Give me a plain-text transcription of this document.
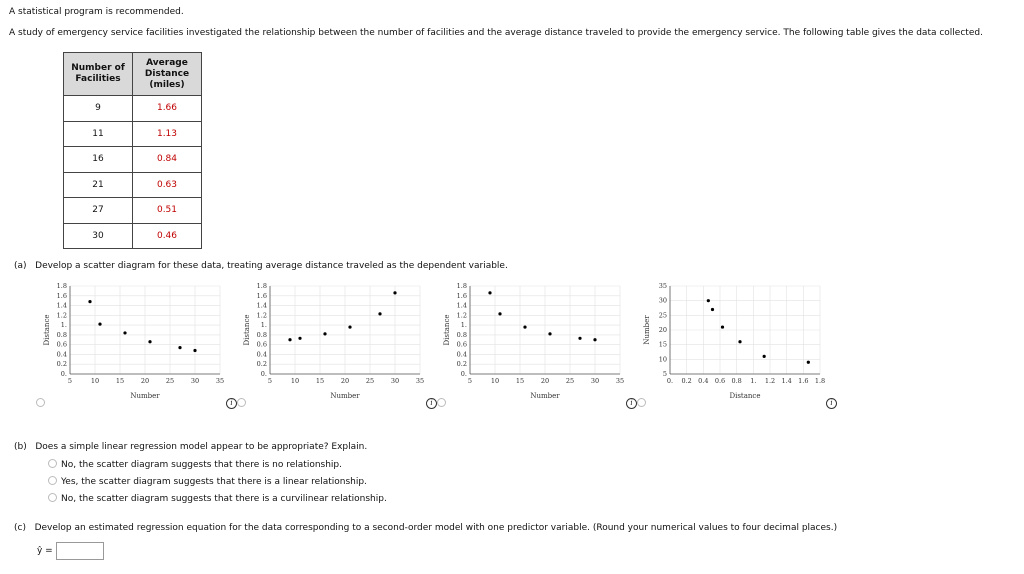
A statistical program is recommended.
A study of emergency service facilities investigated the relationship between the number of facilities and the average distance traveled to provide the emergency service. The following table gives the data collected.
Number of
Facilities	Average
Distance
(miles)
9	1.66
11	1.13
16	0.84
21	0.63
27	0.51
30	0.46
(a) Develop a scatter diagram for these data, treating average distance traveled as the dependent variable.
5	10	15	20	25	30	35
0.
0.2
0.4
0.6
0.8
1.
1.2
1.4
1.6
1.8
Number
Distance
5	10	15	20	25	30	35
0.
0.2
0.4
0.6
0.8
1.
1.2
1.4
1.6
1.8
Number
Distance
5	10	15	20	25	30	35
0.
0.2
0.4
0.6
0.8
1.
1.2
1.4
1.6
1.8
Number
Distance
0. 0.2 0.4 0.6 0.8 1. 1.2 1.4 1.6 1.8
5
10
15
20
25
30
35
Distance
Number
i	i	i	i
(b) Does a simple linear regression model appear to be appropriate? Explain.
No, the scatter diagram suggests that there is no relationship.
Yes, the scatter diagram suggests that there is a linear relationship.
No, the scatter diagram suggests that there is a curvilinear relationship.
(c) Develop an estimated regression equation for the data corresponding to a second-order model with one predictor variable. (Round your numerical values to four decimal places.)
ŷ =
